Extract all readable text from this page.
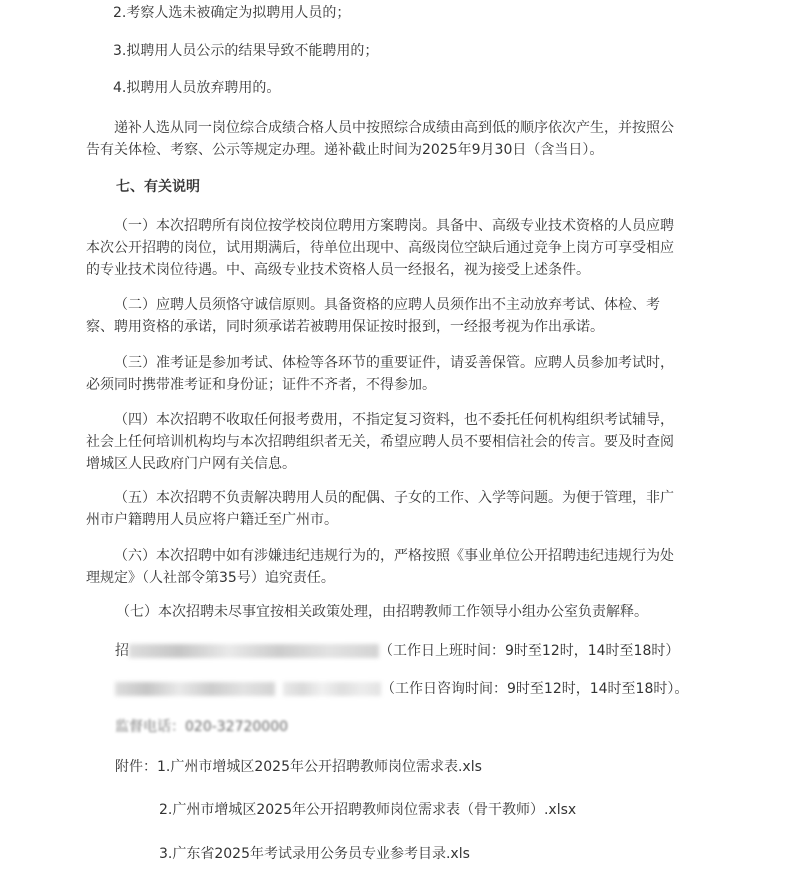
2.考察人选未被确定为拟聘用人员的；
3.拟聘用人员公示的结果导致不能聘用的；
4.拟聘用人员放弃聘用的。
递补人选从同一岗位综合成绩合格人员中按照综合成绩由高到低的顺序依次产生，并按照公告有关体检、考察、公示等规定办理。递补截止时间为2025年9月30日（含当日）。
七、有关说明
（一）本次招聘所有岗位按学校岗位聘用方案聘岗。具备中、高级专业技术资格的人员应聘本次公开招聘的岗位，试用期满后，待单位出现中、高级岗位空缺后通过竞争上岗方可享受相应的专业技术岗位待遇。中、高级专业技术资格人员一经报名，视为接受上述条件。
（二）应聘人员须恪守诚信原则。具备资格的应聘人员须作出不主动放弃考试、体检、考察、聘用资格的承诺，同时须承诺若被聘用保证按时报到，一经报考视为作出承诺。
（三）准考证是参加考试、体检等各环节的重要证件，请妥善保管。应聘人员参加考试时，必须同时携带准考证和身份证；证件不齐者，不得参加。
（四）本次招聘不收取任何报考费用，不指定复习资料，也不委托任何机构组织考试辅导，社会上任何培训机构均与本次招聘组织者无关，希望应聘人员不要相信社会的传言。要及时查阅增城区人民政府门户网有关信息。
（五）本次招聘不负责解决聘用人员的配偶、子女的工作、入学等问题。为便于管理，非广州市户籍聘用人员应将户籍迁至广州市。
（六）本次招聘中如有涉嫌违纪违规行为的，严格按照《事业单位公开招聘违纪违规行为处理规定》（人社部令第35号）追究责任。
（七）本次招聘未尽事宜按相关政策处理，由招聘教师工作领导小组办公室负责解释。
招	（工作日上班时间：9时至12时，14时至18时）
（工作日咨询时间：9时至12时，14时至18时）。
监督电话：020-32720000
附件：1.广州市增城区2025年公开招聘教师岗位需求表.xls
2.广州市增城区2025年公开招聘教师岗位需求表（骨干教师）.xlsx
3.广东省2025年考试录用公务员专业参考目录.xls
